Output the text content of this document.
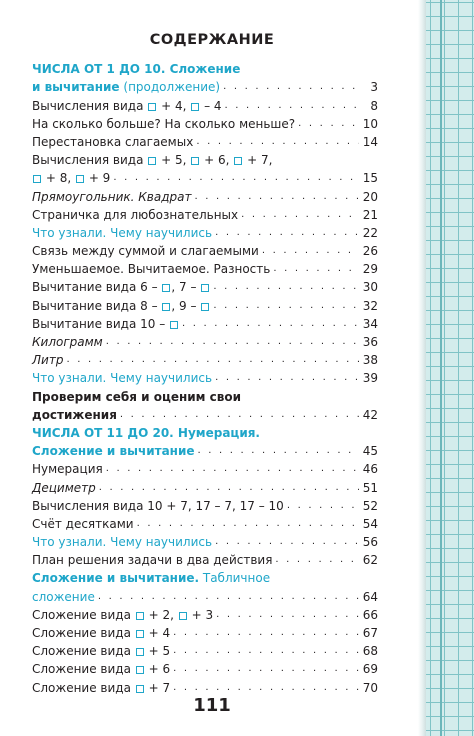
СОДЕРЖАНИЕ
ЧИСЛА ОТ 1 ДО 10. Сложение
и вычитание (продолжение) . . .	3
Вычисления вида + 4, – 4 . . .	8
На сколько больше? На сколько меньше? . . .	10
Перестановка слагаемых . . .	14
Вычисления вида + 5, + 6, + 7,
+ 8, + 9 . . .	15
Прямоугольник. Квадрат . . .	20
Страничка для любознательных . . .	21
Что узнали. Чему научились . . .	22
Связь между суммой и слагаемыми . . .	26
Уменьшаемое. Вычитаемое. Разность . . .	29
Вычитание вида 6 – , 7 – . . .	30
Вычитание вида 8 – , 9 – . . .	32
Вычитание вида 10 – . . .	34
Килограмм . . .	36
Литр . . .	38
Что узнали. Чему научились . . .	39
Проверим себя и оценим свои
достижения . . .	42
ЧИСЛА ОТ 11 ДО 20. Нумерация.
Сложение и вычитание . . .	45
Нумерация . . .	46
Дециметр . . .	51
Вычисления вида 10 + 7, 17 – 7, 17 – 10 . . .	52
Счёт десятками . . .	54
Что узнали. Чему научились . . .	56
План решения задачи в два действия . . .	62
Сложение и вычитание. Табличное
сложение . . .	64
Сложение вида + 2, + 3 . . .	66
Сложение вида + 4 . . .	67
Сложение вида + 5 . . .	68
Сложение вида + 6 . . .	69
Сложение вида + 7 . . .	70
111
